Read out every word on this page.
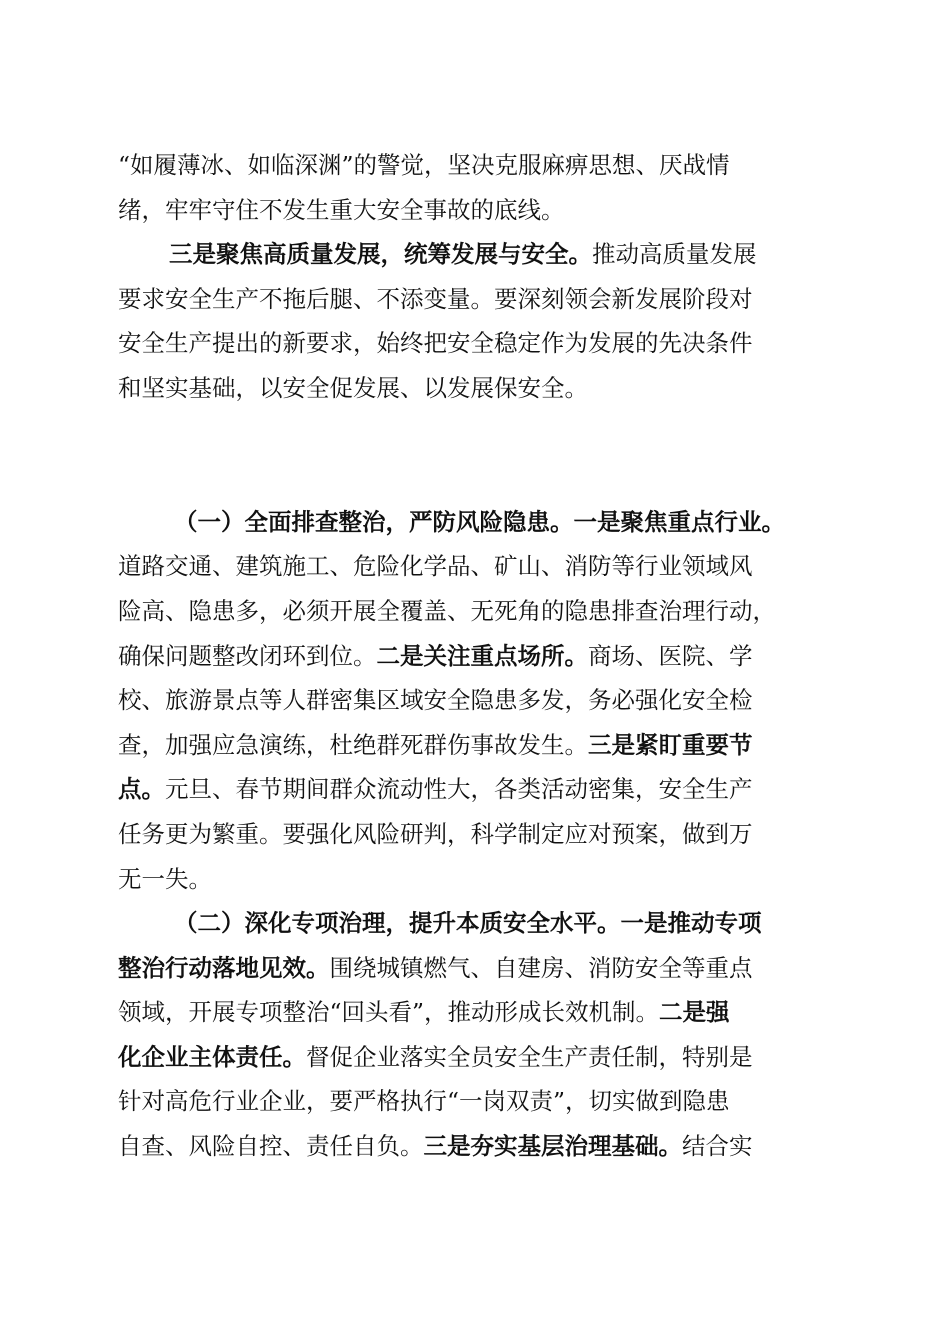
“如履薄冰、如临深渊”的警觉，坚决克服麻痹思想、厌战情
绪，牢牢守住不发生重大安全事故的底线。
三是聚焦高质量发展，统筹发展与安全。 推动高质量发展
要求安全生产不拖后腿、不添变量。要深刻领会新发展阶段对
安全生产提出的新要求，始终把安全稳定作为发展的先决条件
和坚实基础，以安全促发展、以发展保安全。
（一）全面排查整治，严防风险隐患。一是聚焦重点行业。
道路交通、建筑施工、危险化学品、矿山、消防等行业领域风
险高、隐患多，必须开展全覆盖、无死角的隐患排查治理行动，
确保问题整改闭环到位。 二是关注重点场所。 商场、医院、学
校、旅游景点等人群密集区域安全隐患多发，务必强化安全检
查，加强应急演练，杜绝群死群伤事故发生。 三是紧盯重要节
点。 元旦、春节期间群众流动性大，各类活动密集，安全生产
任务更为繁重。要强化风险研判，科学制定应对预案，做到万
无一失。
（二）深化专项治理，提升本质安全水平。一是推动专项
整治行动落地见效。 围绕城镇燃气、自建房、消防安全等重点
领域，开展专项整治“回头看”，推动形成长效机制。 二是强
化企业主体责任。 督促企业落实全员安全生产责任制，特别是
针对高危行业企业，要严格执行“一岗双责”，切实做到隐患
自查、风险自控、责任自负。 三是夯实基层治理基础。 结合实
